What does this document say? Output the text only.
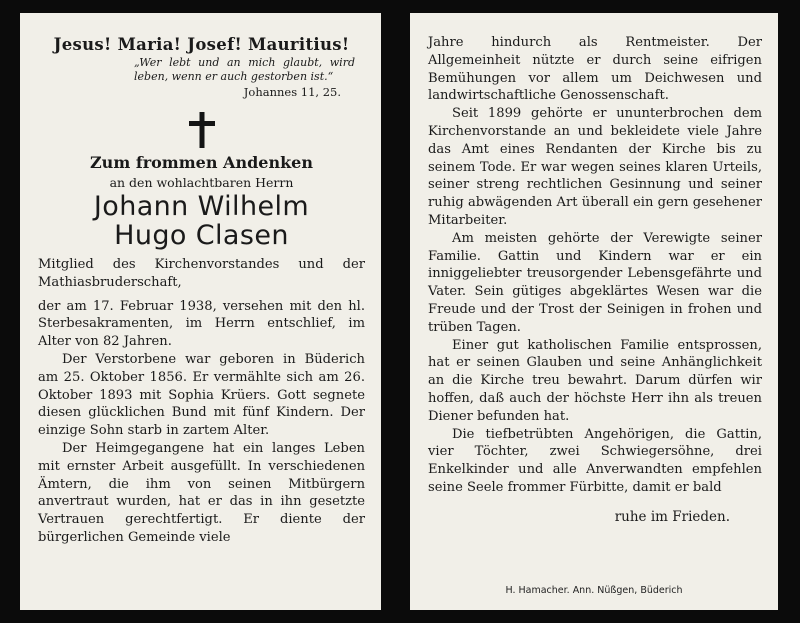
Jesus! Maria! Josef! Mauritius!
„Wer lebt und an mich glaubt, wird leben, wenn er auch gestorben ist.“
Johannes 11, 25.
Zum frommen Andenken
an den wohlachtbaren Herrn
Johann Wilhelm
Hugo Clasen

Mitglied des Kirchenvorstandes und der Mathiasbruderschaft,

der am 17. Februar 1938, versehen mit den hl. Sterbesakramenten, im Herrn entschlief, im Alter von 82 Jahren.

Der Verstorbene war geboren in Büderich am 25. Oktober 1856. Er vermählte sich am 26. Oktober 1893 mit Sophia Krüers. Gott segnete diesen glücklichen Bund mit fünf Kindern. Der einzige Sohn starb in zartem Alter.

Der Heimgegangene hat ein langes Leben mit ernster Arbeit ausgefüllt. In verschiedenen Ämtern, die ihm von seinen Mitbürgern anvertraut wurden, hat er das in ihn gesetzte Vertrauen gerechtfertigt. Er diente der bürgerlichen Gemeinde viele

Jahre hindurch als Rentmeister. Der Allgemeinheit nützte er durch seine eifrigen Bemühungen vor allem um Deichwesen und landwirtschaftliche Genossenschaft.

Seit 1899 gehörte er ununterbrochen dem Kirchenvorstande an und bekleidete viele Jahre das Amt eines Rendanten der Kirche bis zu seinem Tode. Er war wegen seines klaren Urteils, seiner streng rechtlichen Gesinnung und seiner ruhig abwägenden Art überall ein gern gesehener Mitarbeiter.

Am meisten gehörte der Verewigte seiner Familie. Gattin und Kindern war er ein inniggeliebter treusorgender Lebensgefährte und Vater. Sein gütiges abgeklärtes Wesen war die Freude und der Trost der Seinigen in frohen und trüben Tagen.

Einer gut katholischen Familie entsprossen, hat er seinen Glauben und seine Anhänglichkeit an die Kirche treu bewahrt. Darum dürfen wir hoffen, daß auch der höchste Herr ihn als treuen Diener befunden hat.

Die tiefbetrübten Angehörigen, die Gattin, vier Töchter, zwei Schwiegersöhne, drei Enkelkinder und alle Anverwandten empfehlen seine Seele frommer Fürbitte, damit er bald

ruhe im Frieden.
H. Hamacher. Ann. Nüßgen, Büderich
